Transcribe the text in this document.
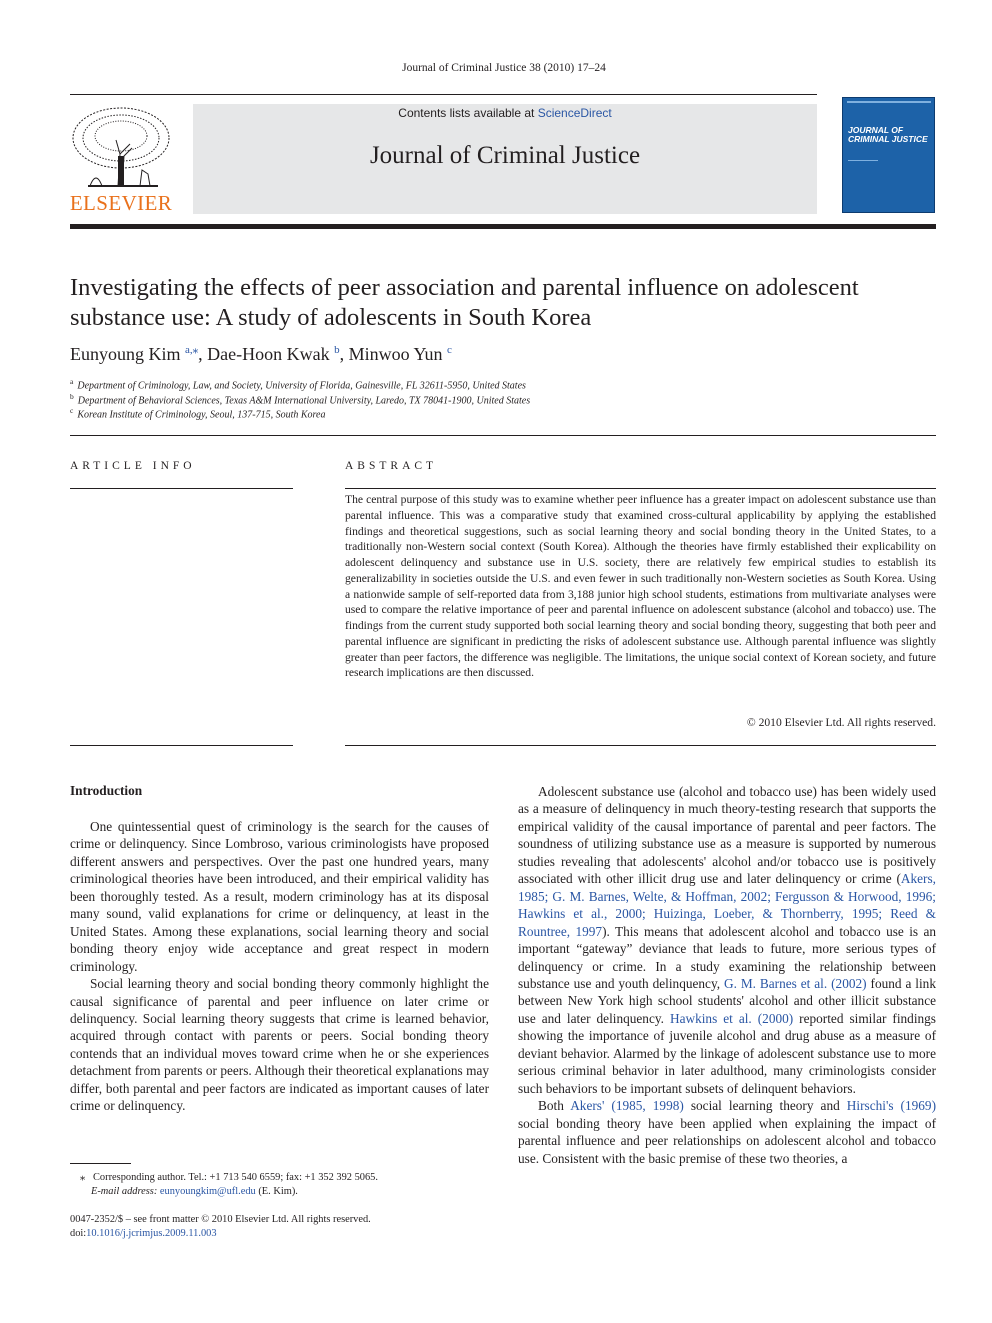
Journal of Criminal Justice 38 (2010) 17–24
ELSEVIER
Contents lists available at ScienceDirect
Journal of Criminal Justice
JOURNAL OF CRIMINAL JUSTICE
Investigating the effects of peer association and parental influence on adolescent
substance use: A study of adolescents in South Korea
Eunyoung Kim $^{a,⁎}$, Dae-Hoon Kwak $^b$, Minwoo Yun $^c$
$^a$ Department of Criminology, Law, and Society, University of Florida, Gainesville, FL 32611-5950, United States
$^b$ Department of Behavioral Sciences, Texas A&M International University, Laredo, TX 78041-1900, United States
$^c$ Korean Institute of Criminology, Seoul, 137-715, South Korea
ARTICLE INFO	ABSTRACT
The central purpose of this study was to examine whether peer influence has a greater impact on adolescent substance use than parental influence. This was a comparative study that examined cross-cultural applicability by applying the established findings and theoretical suggestions, such as social learning theory and social bonding theory in the United States, to a traditionally non-Western social context (South Korea). Although the theories have firmly established their explicability on adolescent delinquency and substance use in U.S. society, there are relatively few empirical studies to establish its generalizability in societies outside the U.S. and even fewer in such traditionally non-Western societies as South Korea. Using a nationwide sample of self-reported data from 3,188 junior high school students, estimations from multivariate analyses were used to compare the relative importance of peer and parental influence on adolescent substance (alcohol and tobacco) use. The findings from the current study supported both social learning theory and social bonding theory, suggesting that both peer and parental influence are significant in predicting the risks of adolescent substance use. Although parental influence was slightly greater than peer factors, the difference was negligible. The limitations, the unique social context of Korean society, and future research implications are then discussed.
© 2010 Elsevier Ltd. All rights reserved.
Introduction

One quintessential quest of criminology is the search for the causes of crime or delinquency. Since Lombroso, various criminologists have proposed different answers and perspectives. Over the past one hundred years, many criminological theories have been introduced, and their empirical validity has been thoroughly tested. As a result, modern criminology has at its disposal many sound, valid explanations for crime or delinquency, at least in the United States. Among these explanations, social learning theory and social bonding theory enjoy wide acceptance and great respect in modern criminology.

Social learning theory and social bonding theory commonly highlight the causal significance of parental and peer influence on later crime or delinquency. Social learning theory suggests that crime is learned behavior, acquired through contact with parents or peers. Social bonding theory contends that an individual moves toward crime when he or she experiences detachment from parents or peers. Although their theoretical explanations may differ, both parental and peer factors are indicated as important causes of later crime or delinquency.

Adolescent substance use (alcohol and tobacco use) has been widely used as a measure of delinquency in much theory-testing research that supports the empirical validity of the causal importance of parental and peer factors. The soundness of utilizing substance use as a measure is supported by numerous studies revealing that adolescents' alcohol and/or tobacco use is positively associated with other illicit drug use and later delinquency or crime (Akers, 1985; G. M. Barnes, Welte, & Hoffman, 2002; Fergusson & Horwood, 1996; Hawkins et al., 2000; Huizinga, Loeber, & Thornberry, 1995; Reed & Rountree, 1997). This means that adolescent alcohol and tobacco use is an important “gateway” deviance that leads to future, more serious types of delinquency or crime. In a study examining the relationship between substance use and youth delinquency, G. M. Barnes et al. (2002) found a link between New York high school students' alcohol and other illicit substance use and later delinquency. Hawkins et al. (2000) reported similar findings showing the importance of juvenile alcohol and drug abuse as a measure of deviant behavior. Alarmed by the linkage of adolescent substance use to more serious criminal behavior in later adulthood, many criminologists consider such behaviors to be important subsets of delinquent behaviors.

Both Akers' (1985, 1998) social learning theory and Hirschi's (1969) social bonding theory have been applied when explaining the impact of parental influence and peer relationships on adolescent alcohol and tobacco use. Consistent with the basic premise of these two theories, a

⁎ Corresponding author. Tel.: +1 713 540 6559; fax: +1 352 392 5065.
E-mail address: eunyoungkim@ufl.edu (E. Kim).
0047-2352/$ – see front matter © 2010 Elsevier Ltd. All rights reserved.
doi:10.1016/j.jcrimjus.2009.11.003
